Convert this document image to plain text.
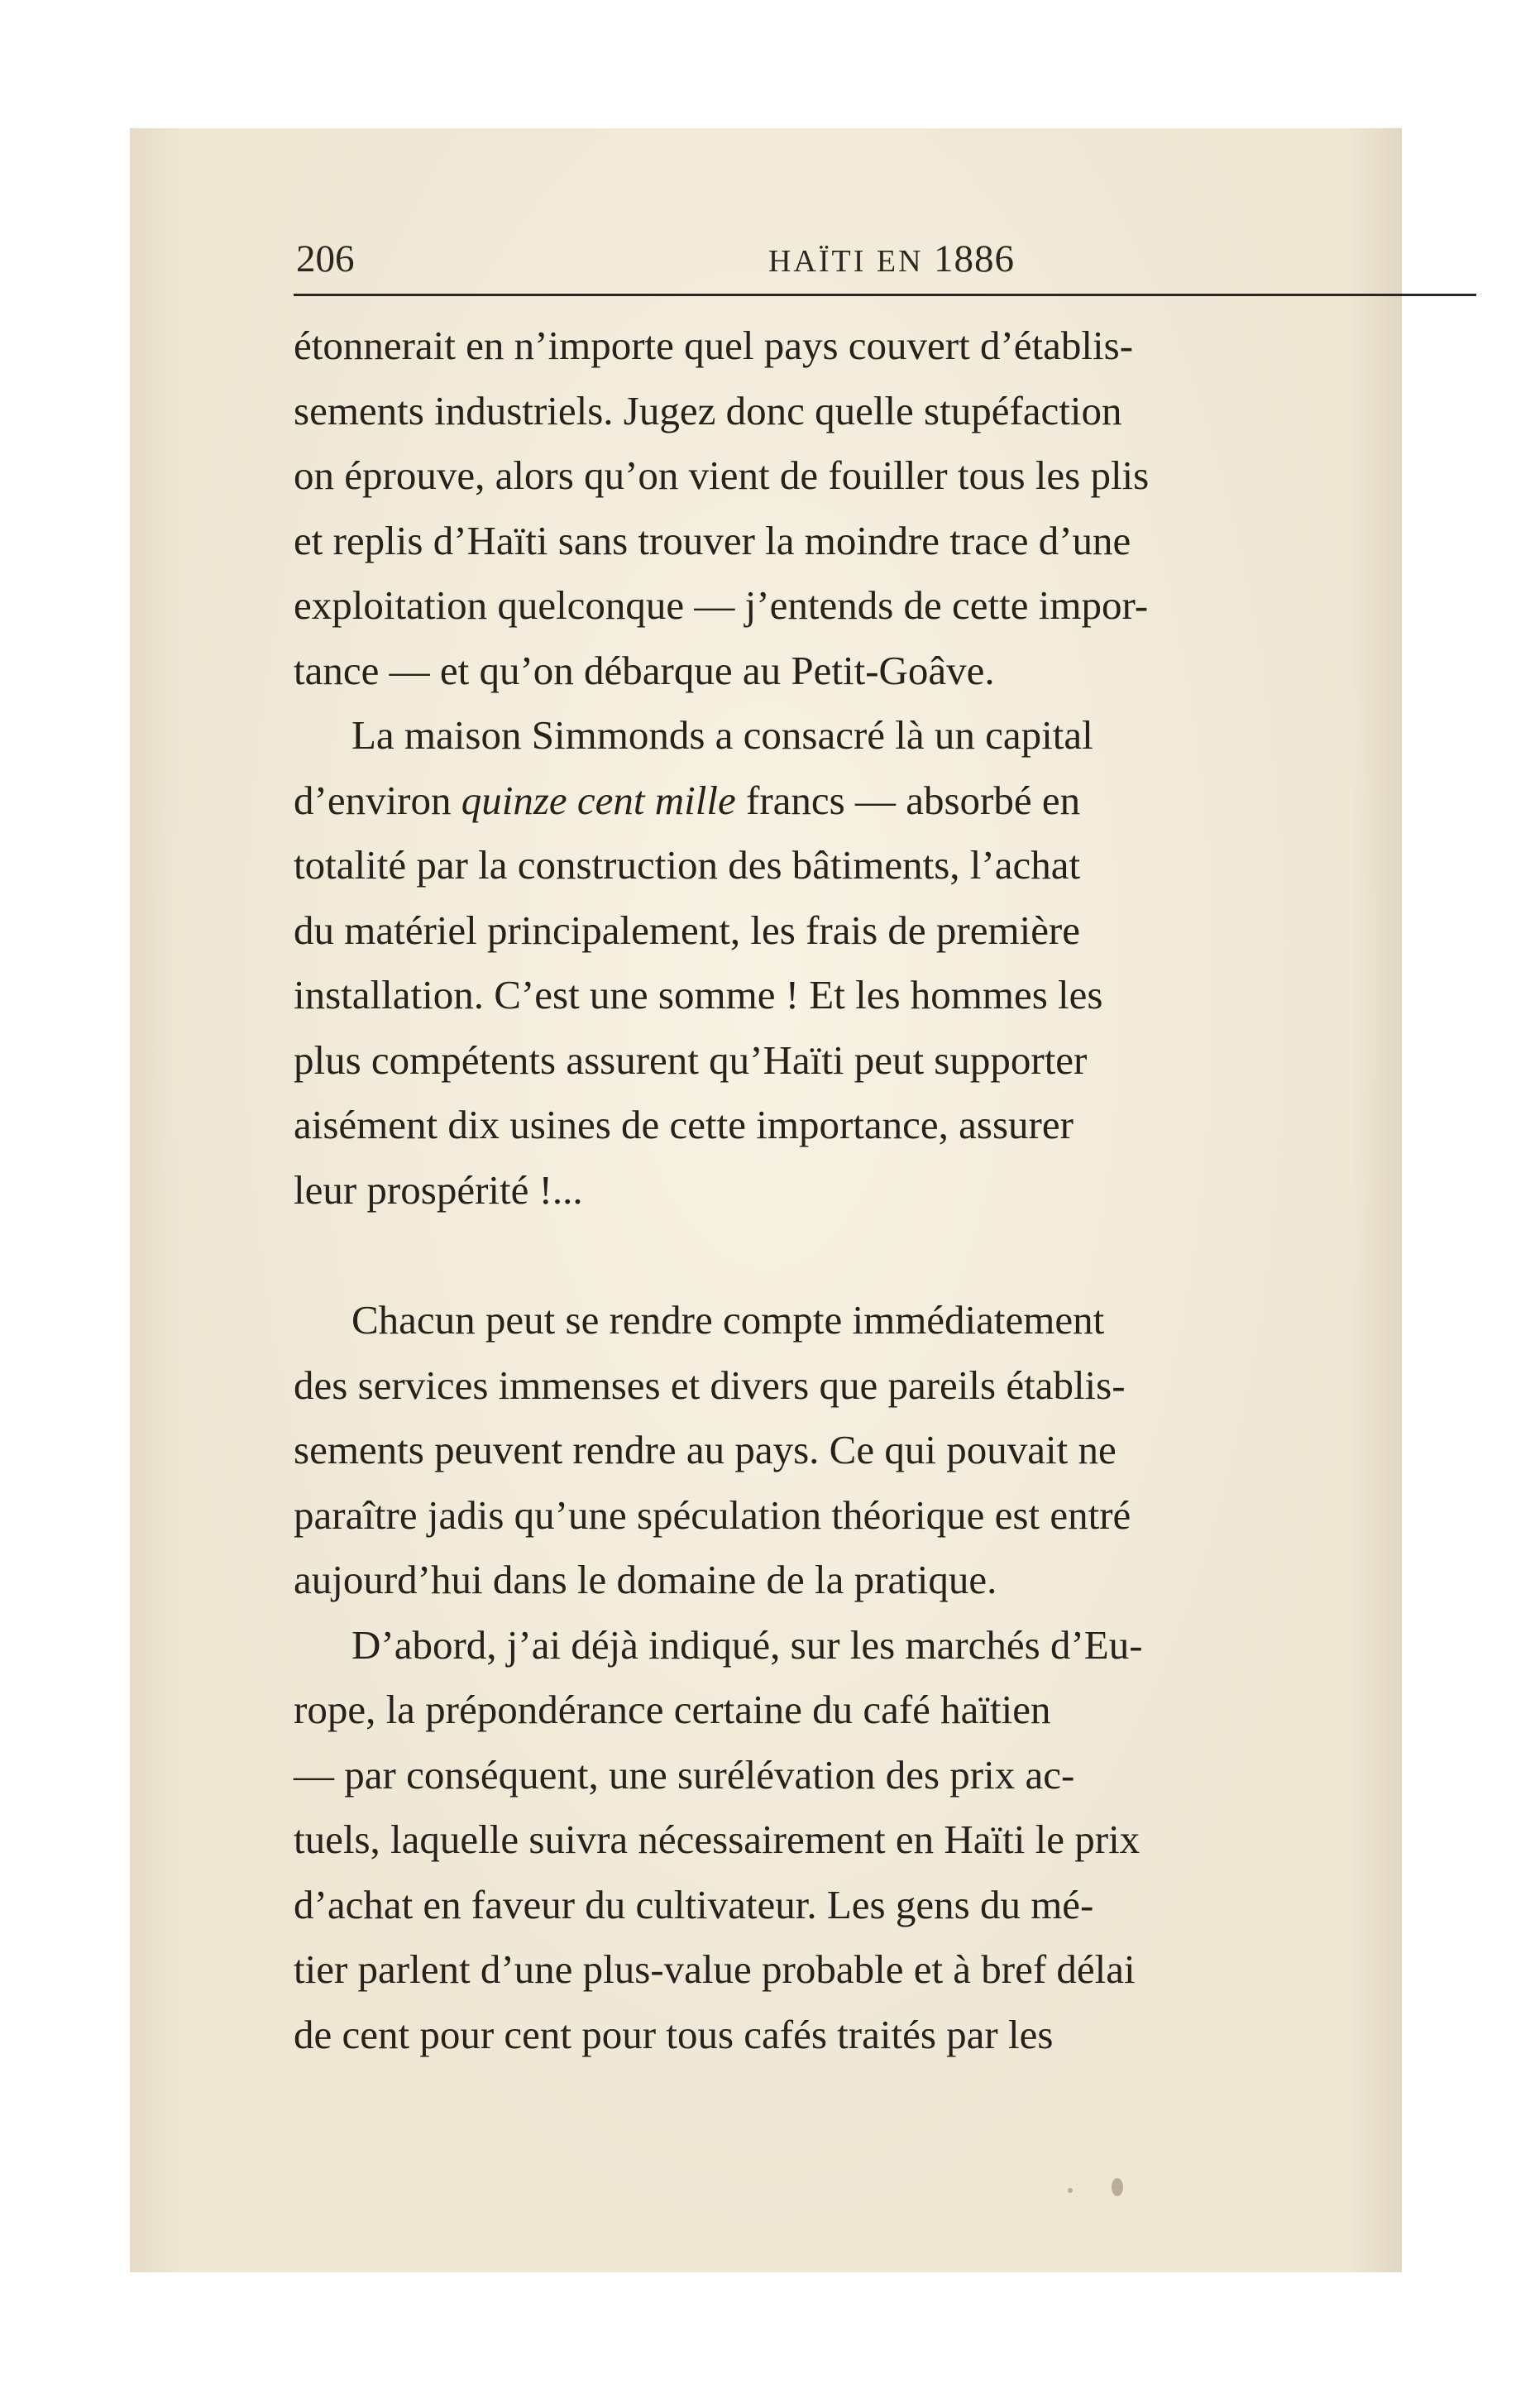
206	HAÏTI EN 1886

étonnerait en n’importe quel pays couvert d’établis-
sements industriels. Jugez donc quelle stupéfaction
on éprouve, alors qu’on vient de fouiller tous les plis
et replis d’Haïti sans trouver la moindre trace d’une
exploitation quelconque — j’entends de cette impor-
tance — et qu’on débarque au Petit-Goâve.

La maison Simmonds a consacré là un capital
d’environ quinze cent mille francs — absorbé en
totalité par la construction des bâtiments, l’achat
du matériel principalement, les frais de première
installation. C’est une somme ! Et les hommes les
plus compétents assurent qu’Haïti peut supporter
aisément dix usines de cette importance, assurer
leur prospérité !...

Chacun peut se rendre compte immédiatement
des services immenses et divers que pareils établis-
sements peuvent rendre au pays. Ce qui pouvait ne
paraître jadis qu’une spéculation théorique est entré
aujourd’hui dans le domaine de la pratique.

D’abord, j’ai déjà indiqué, sur les marchés d’Eu-
rope, la prépondérance certaine du café haïtien
— par conséquent, une surélévation des prix ac-
tuels, laquelle suivra nécessairement en Haïti le prix
d’achat en faveur du cultivateur. Les gens du mé-
tier parlent d’une plus-value probable et à bref délai
de cent pour cent pour tous cafés traités par les
